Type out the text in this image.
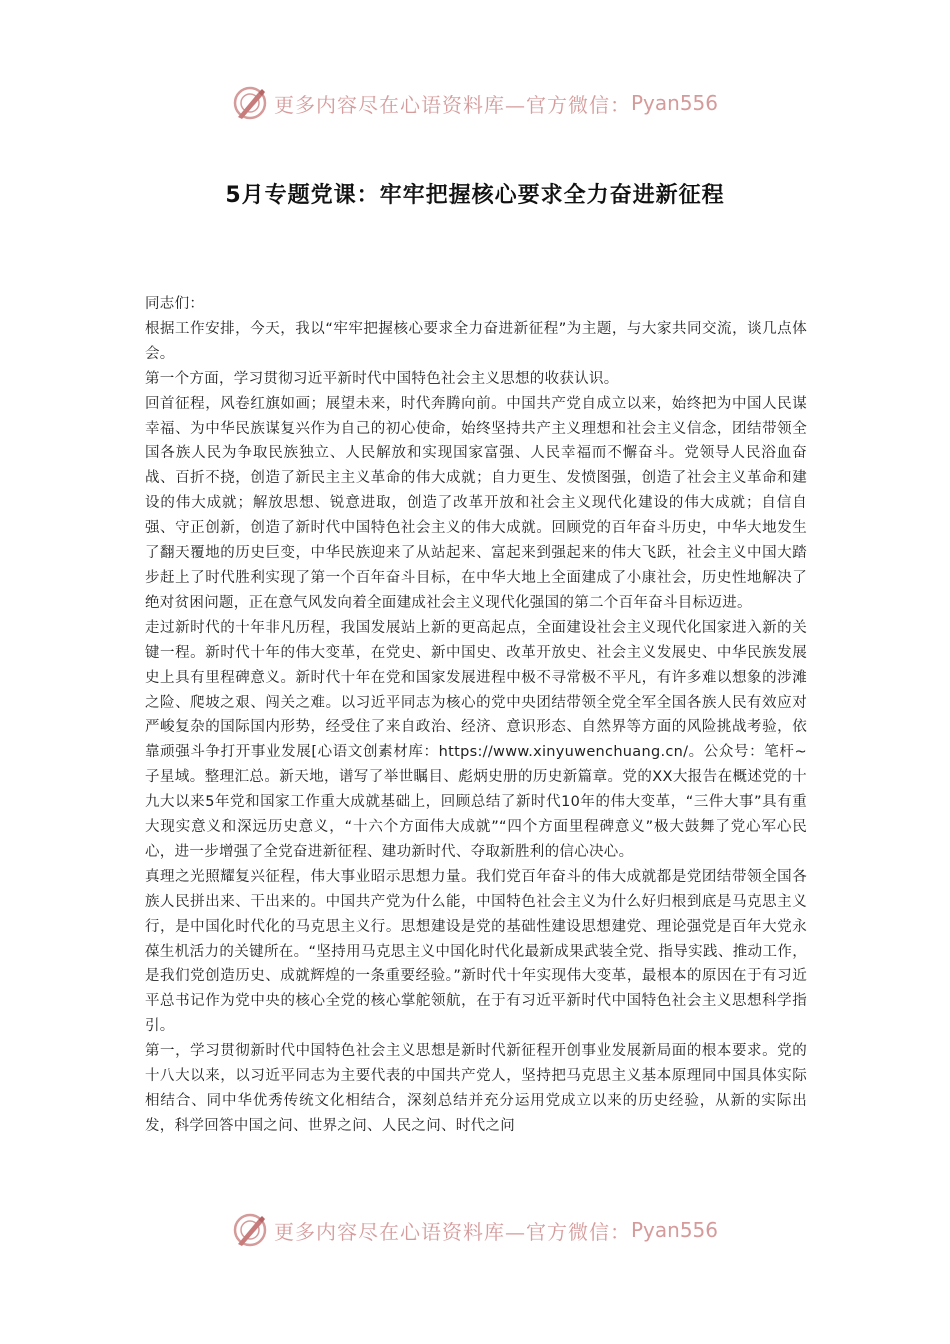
更多内容尽在心语资料库—官方微信： Pyan556
5月专题党课：牢牢把握核心要求全力奋进新征程

同志们：

根据工作安排，今天，我以“牢牢把握核心要求全力奋进新征程”为主题，与大家共同交流，谈几点体会。

第一个方面，学习贯彻习近平新时代中国特色社会主义思想的收获认识。

回首征程，风卷红旗如画；展望未来，时代奔腾向前。中国共产党自成立以来，始终把为中国人民谋幸福、为中华民族谋复兴作为自己的初心使命，始终坚持共产主义理想和社会主义信念，团结带领全国各族人民为争取民族独立、人民解放和实现国家富强、人民幸福而不懈奋斗。党领导人民浴血奋战、百折不挠，创造了新民主主义革命的伟大成就；自力更生、发愤图强，创造了社会主义革命和建设的伟大成就；解放思想、锐意进取，创造了改革开放和社会主义现代化建设的伟大成就；自信自强、守正创新，创造了新时代中国特色社会主义的伟大成就。回顾党的百年奋斗历史，中华大地发生了翻天覆地的历史巨变，中华民族迎来了从站起来、富起来到强起来的伟大飞跃，社会主义中国大踏步赶上了时代胜利实现了第一个百年奋斗目标，在中华大地上全面建成了小康社会，历史性地解决了绝对贫困问题，正在意气风发向着全面建成社会主义现代化强国的第二个百年奋斗目标迈进。

走过新时代的十年非凡历程，我国发展站上新的更高起点，全面建设社会主义现代化国家进入新的关键一程。新时代十年的伟大变革，在党史、新中国史、改革开放史、社会主义发展史、中华民族发展史上具有里程碑意义。新时代十年在党和国家发展进程中极不寻常极不平凡，有许多难以想象的涉滩之险、爬坡之艰、闯关之难。以习近平同志为核心的党中央团结带领全党全军全国各族人民有效应对严峻复杂的国际国内形势，经受住了来自政治、经济、意识形态、自然界等方面的风险挑战考验，依靠顽强斗争打开事业发展[心语文创素材库：https://www.xinyuwenchuang.cn/。公众号：笔杆~子星域。整理汇总。新天地，谱写了举世瞩目、彪炳史册的历史新篇章。党的XX大报告在概述党的十九大以来5年党和国家工作重大成就基础上，回顾总结了新时代10年的伟大变革，“三件大事”具有重大现实意义和深远历史意义，“十六个方面伟大成就”“四个方面里程碑意义”极大鼓舞了党心军心民心，进一步增强了全党奋进新征程、建功新时代、夺取新胜利的信心决心。

真理之光照耀复兴征程，伟大事业昭示思想力量。我们党百年奋斗的伟大成就都是党团结带领全国各族人民拼出来、干出来的。中国共产党为什么能，中国特色社会主义为什么好归根到底是马克思主义行，是中国化时代化的马克思主义行。思想建设是党的基础性建设思想建党、理论强党是百年大党永葆生机活力的关键所在。“坚持用马克思主义中国化时代化最新成果武装全党、指导实践、推动工作，是我们党创造历史、成就辉煌的一条重要经验。”新时代十年实现伟大变革，最根本的原因在于有习近平总书记作为党中央的核心全党的核心掌舵领航，在于有习近平新时代中国特色社会主义思想科学指引。

第一，学习贯彻新时代中国特色社会主义思想是新时代新征程开创事业发展新局面的根本要求。党的十八大以来，以习近平同志为主要代表的中国共产党人，坚持把马克思主义基本原理同中国具体实际相结合、同中华优秀传统文化相结合，深刻总结并充分运用党成立以来的历史经验，从新的实际出发，科学回答中国之问、世界之问、人民之问、时代之问

更多内容尽在心语资料库—官方微信： Pyan556
